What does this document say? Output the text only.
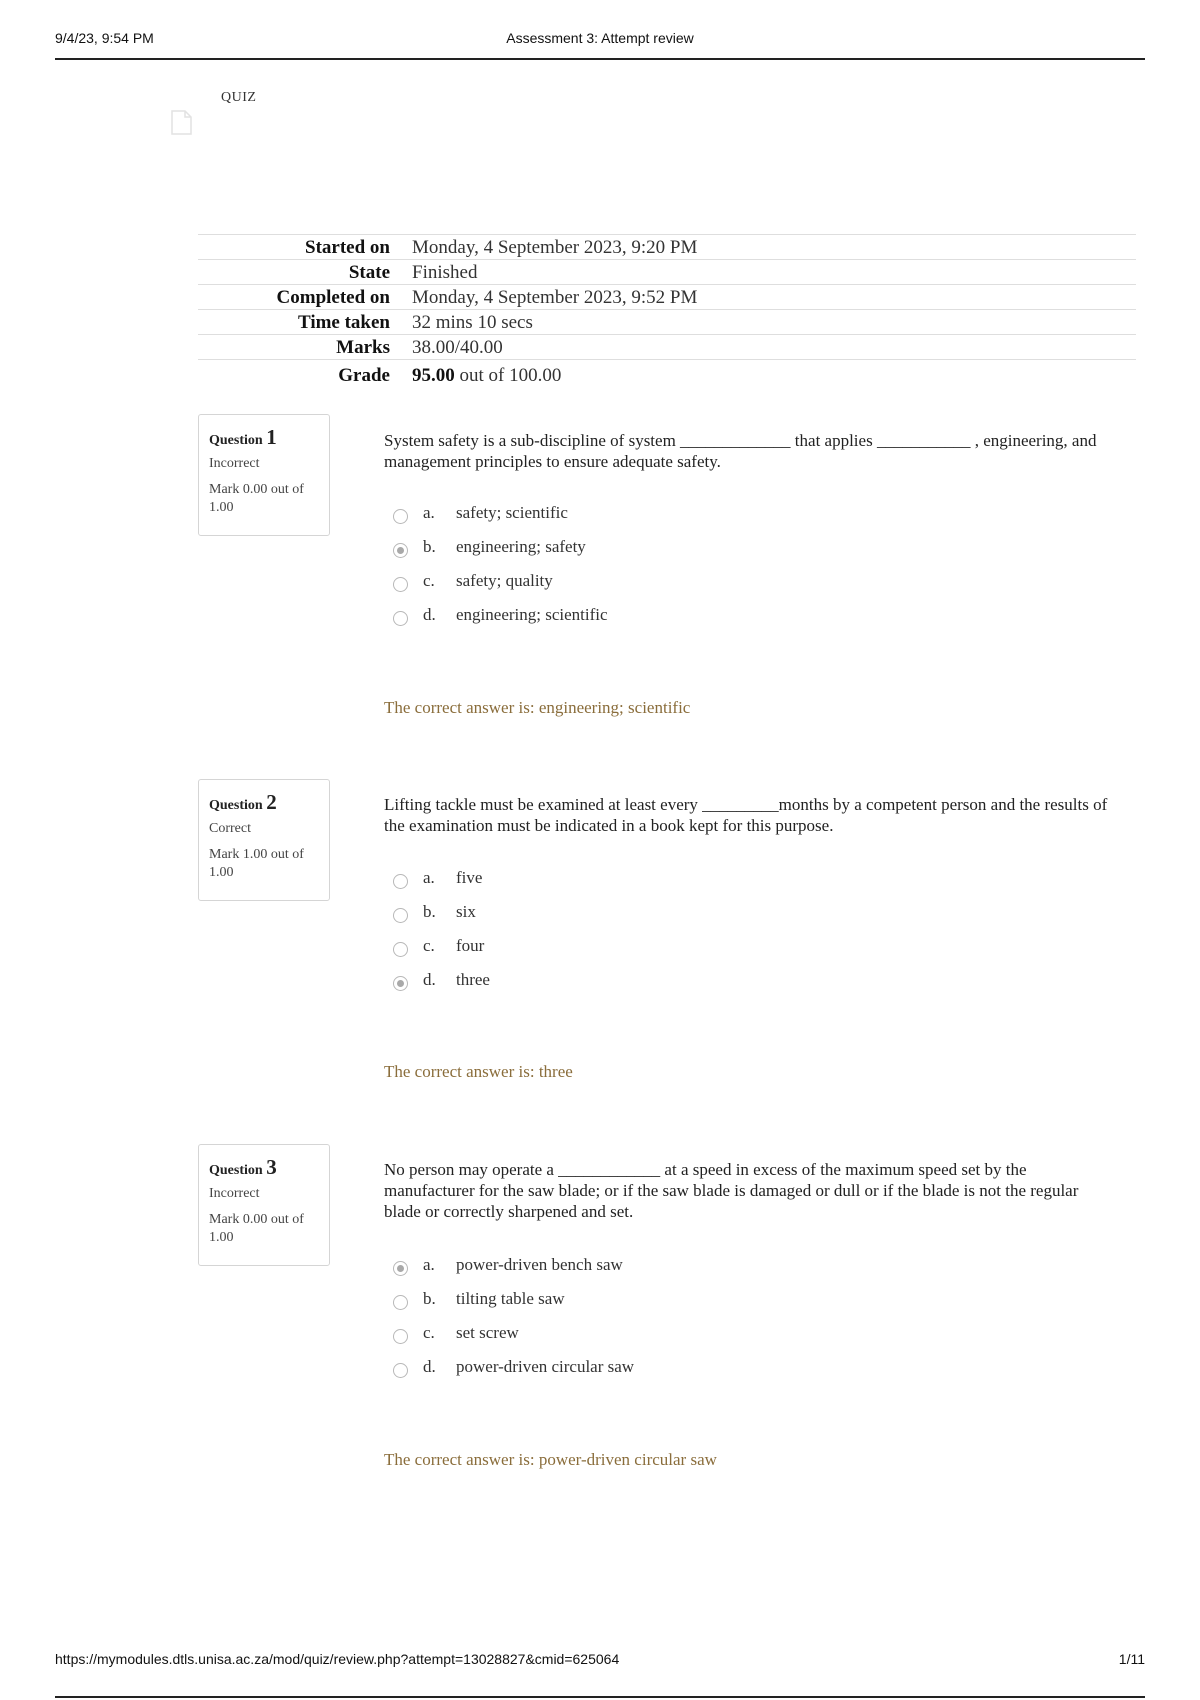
9/4/23, 9:54 PM	Assessment 3: Attempt review
QUIZ
Started on	Monday, 4 September 2023, 9:20 PM
State	Finished
Completed on	Monday, 4 September 2023, 9:52 PM
Time taken	32 mins 10 secs
Marks	38.00/40.00
Grade	95.00 out of 100.00
Question 1
Incorrect
Mark 0.00 out of 1.00
System safety is a sub-discipline of system _____________ that applies ___________ , engineering, and management principles to ensure adequate safety.
a. safety; scientific
b. engineering; safety
c. safety; quality
d. engineering; scientific
The correct answer is: engineering; scientific
Question 2
Correct
Mark 1.00 out of 1.00
Lifting tackle must be examined at least every _________months by a competent person and the results of the examination must be indicated in a book kept for this purpose.
a. five
b. six
c. four
d. three
The correct answer is: three
Question 3
Incorrect
Mark 0.00 out of 1.00
No person may operate a ____________ at a speed in excess of the maximum speed set by the manufacturer for the saw blade; or if the saw blade is damaged or dull or if the blade is not the regular blade or correctly sharpened and set.
a. power-driven bench saw
b. tilting table saw
c. set screw
d. power-driven circular saw
The correct answer is: power-driven circular saw
https://mymodules.dtls.unisa.ac.za/mod/quiz/review.php?attempt=13028827&cmid=625064	1/11
